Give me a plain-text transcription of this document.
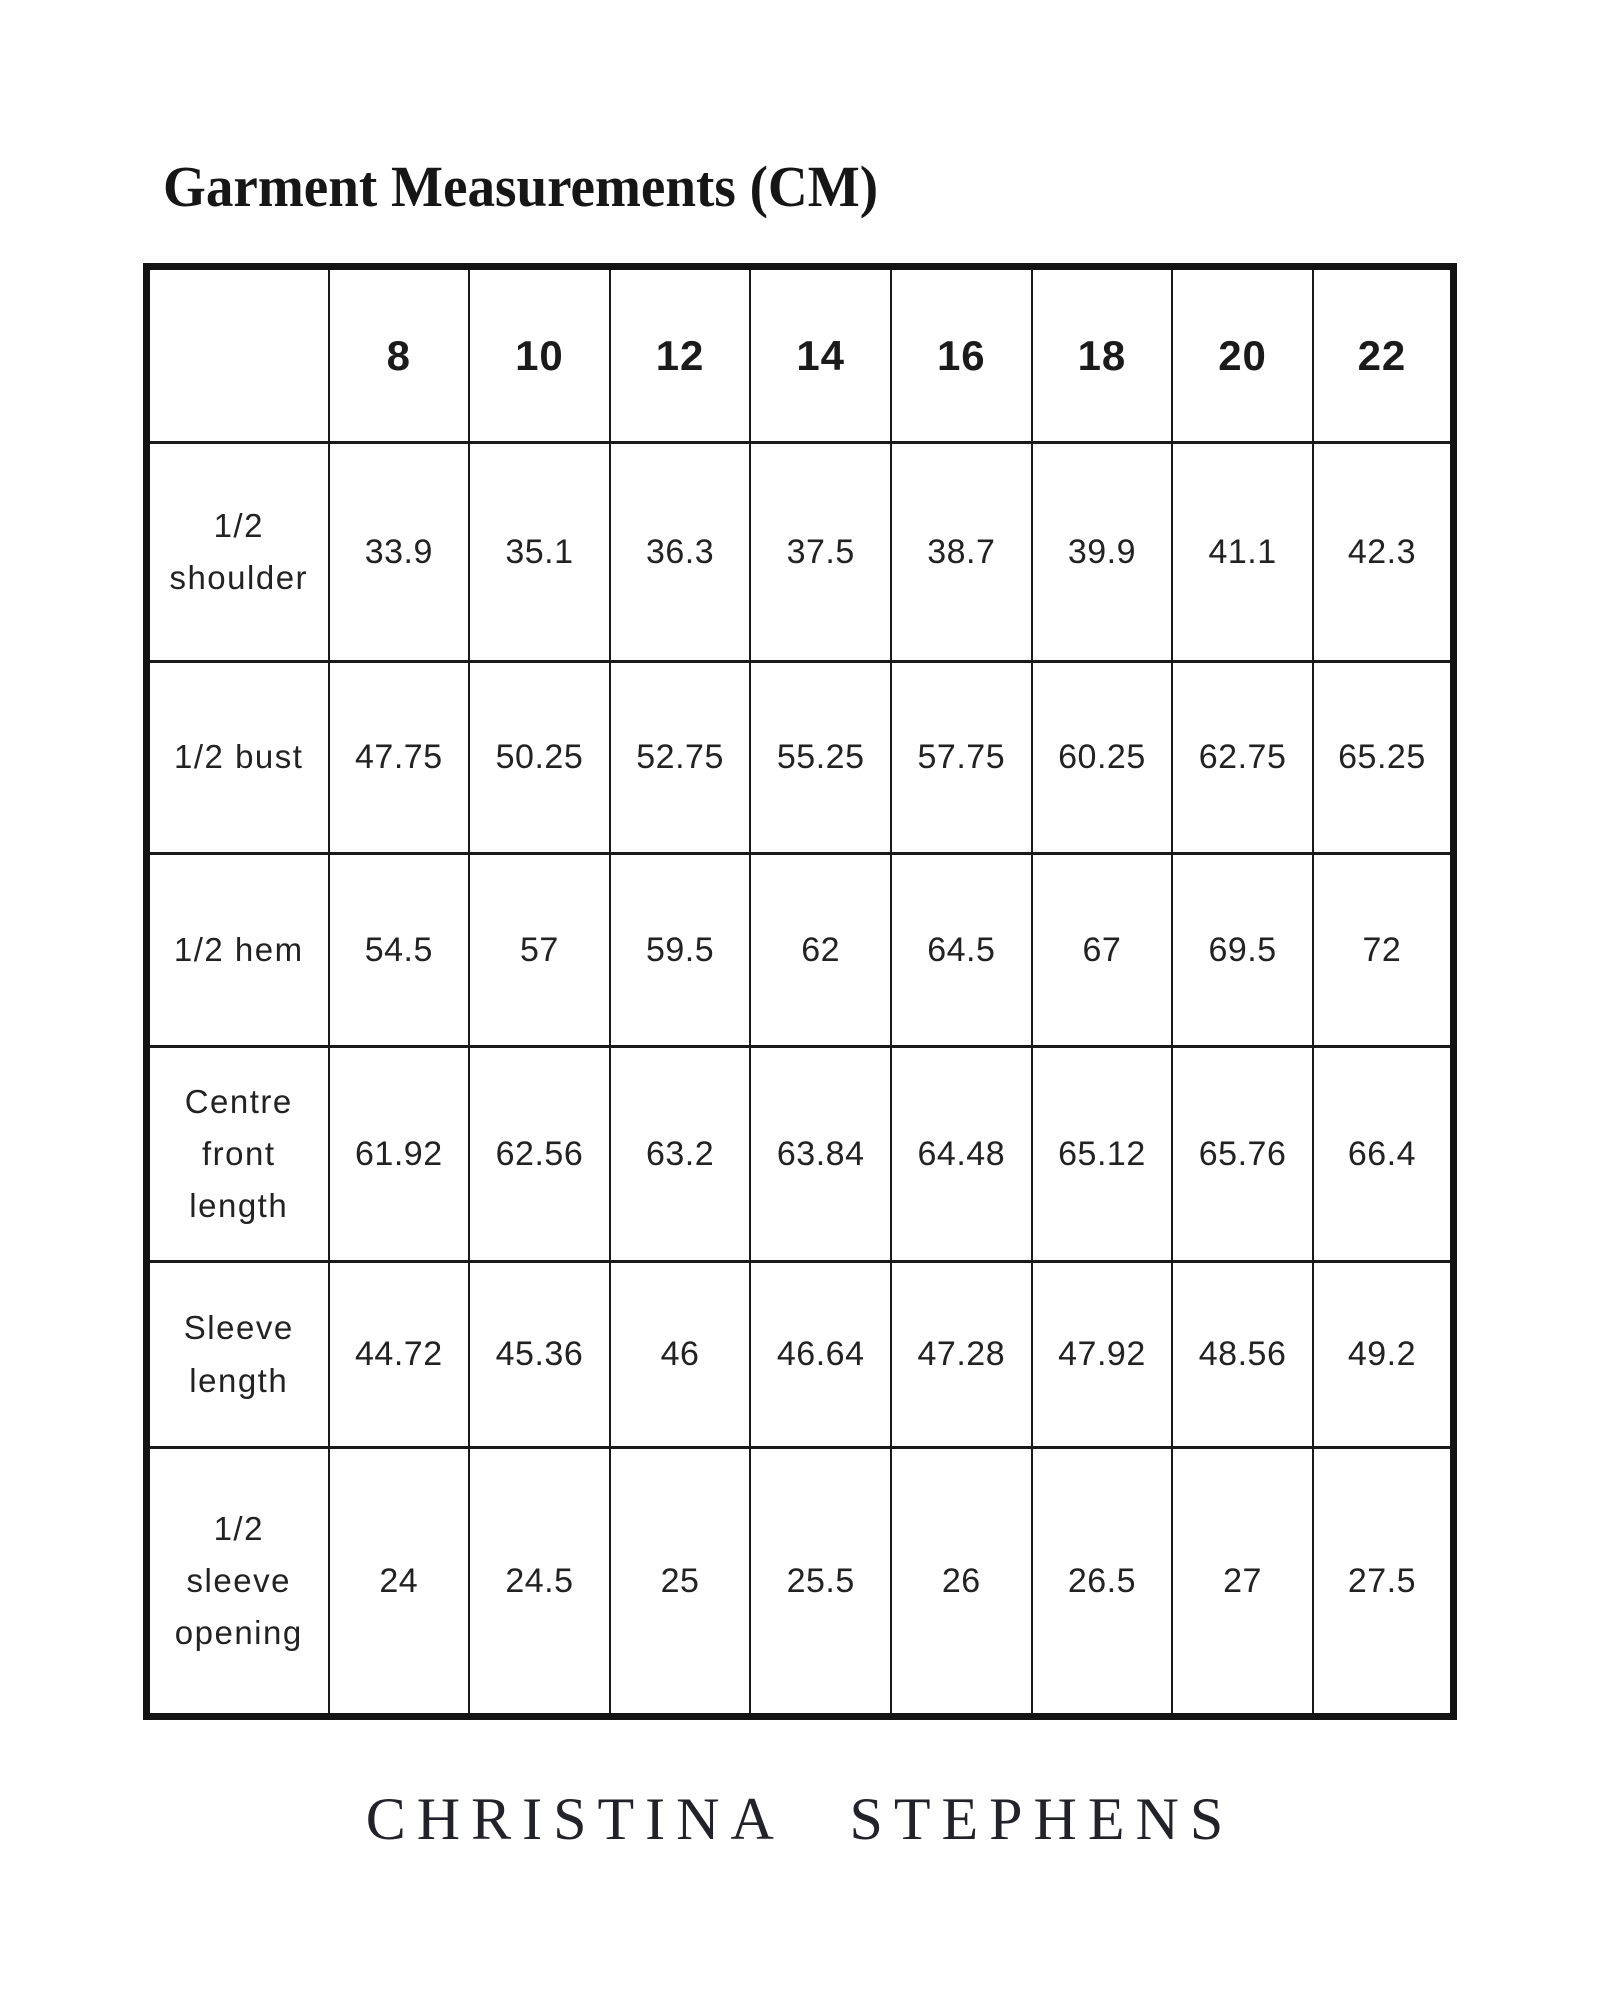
Garment Measurements (CM)
	8	10	12	14	16	18	20	22
1/2 shoulder	33.9	35.1	36.3	37.5	38.7	39.9	41.1	42.3
1/2 bust	47.75	50.25	52.75	55.25	57.75	60.25	62.75	65.25
1/2 hem	54.5	57	59.5	62	64.5	67	69.5	72
Centre front length	61.92	62.56	63.2	63.84	64.48	65.12	65.76	66.4
Sleeve length	44.72	45.36	46	46.64	47.28	47.92	48.56	49.2
1/2 sleeve opening	24	24.5	25	25.5	26	26.5	27	27.5

CHRISTINA STEPHENS
